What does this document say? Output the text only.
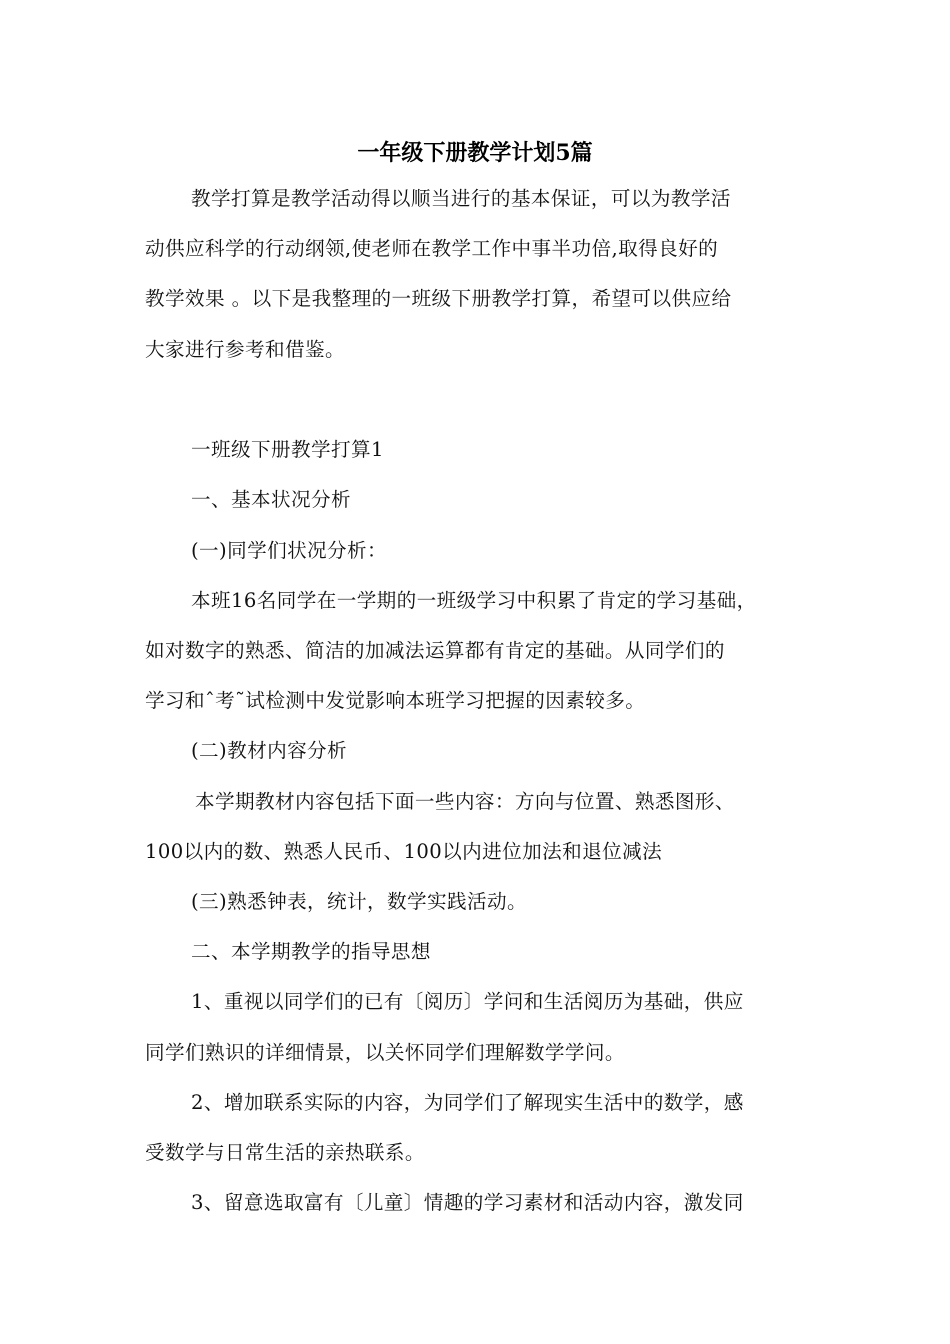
一年级下册教学计划5篇
教学打算是教学活动得以顺当进行的基本保证，可以为教学活
动供应科学的行动纲领,使老师在教学工作中事半功倍,取得良好的
教学效果 。以下是我整理的一班级下册教学打算，希望可以供应给
大家进行参考和借鉴。
一班级下册教学打算1
一、基本状况分析
(一)同学们状况分析：
本班16名同学在一学期的一班级学习中积累了肯定的学习基础，
如对数字的熟悉、简洁的加减法运算都有肯定的基础。从同学们的
学习和ˆ考˜试检测中发觉影响本班学习把握的因素较多。
(二)教材内容分析
本学期教材内容包括下面一些内容：方向与位置、熟悉图形、
100以内的数、熟悉人民币、100以内进位加法和退位减法
(三)熟悉钟表，统计，数学实践活动。
二、本学期教学的指导思想
1、重视以同学们的已有〔阅历〕学问和生活阅历为基础，供应
同学们熟识的详细情景，以关怀同学们理解数学学问。
2、增加联系实际的内容，为同学们了解现实生活中的数学，感
受数学与日常生活的亲热联系。
3、留意选取富有〔儿童〕情趣的学习素材和活动内容，激发同
